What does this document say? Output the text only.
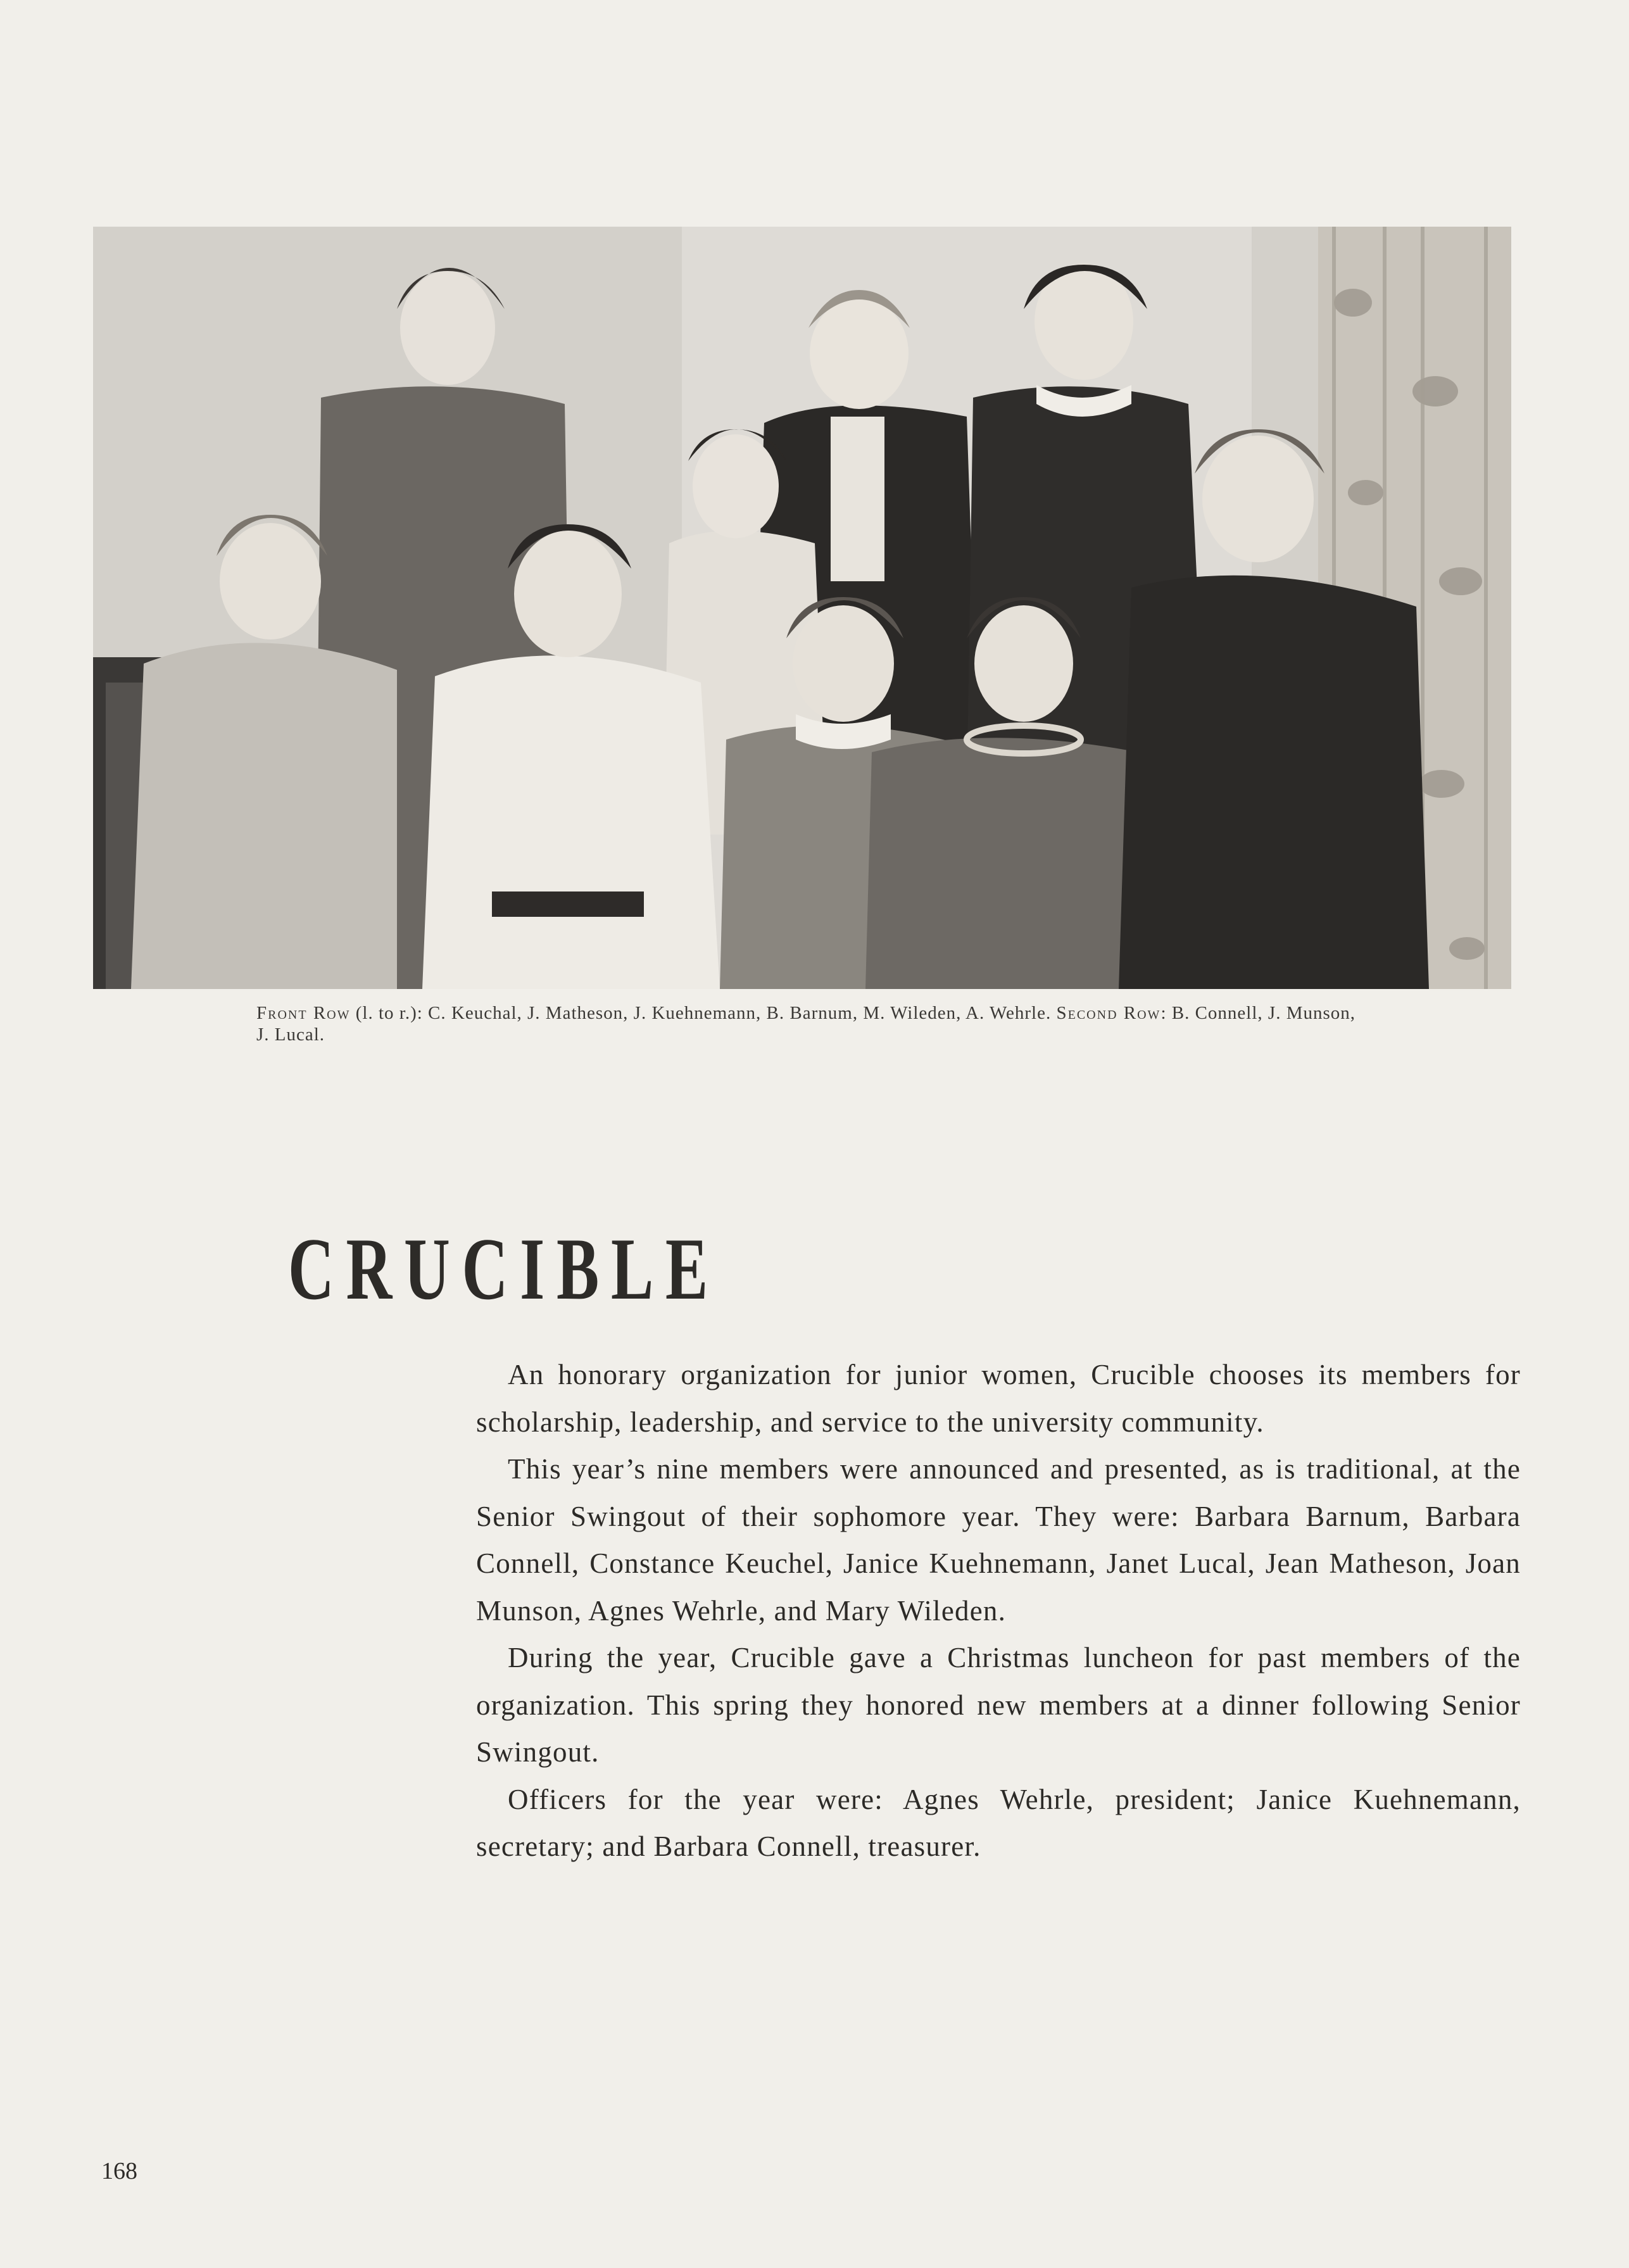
Front Row (l. to r.): C. Keuchal, J. Matheson, J. Kuehnemann, B. Barnum, M. Wileden, A. Wehrle. Second Row: B. Connell, J. Munson, J. Lucal.
CRUCIBLE

An honorary organization for junior women, Crucible chooses its members for scholarship, leadership, and service to the university community.

This year’s nine members were announced and presented, as is traditional, at the Senior Swingout of their sophomore year. They were: Barbara Barnum, Barbara Connell, Constance Keuchel, Janice Kuehnemann, Janet Lucal, Jean Matheson, Joan Munson, Agnes Wehrle, and Mary Wileden.

During the year, Crucible gave a Christmas luncheon for past members of the organization. This spring they honored new members at a dinner following Senior Swingout.

Officers for the year were: Agnes Wehrle, president; Janice Kuehnemann, secretary; and Barbara Connell, treasurer.

168
